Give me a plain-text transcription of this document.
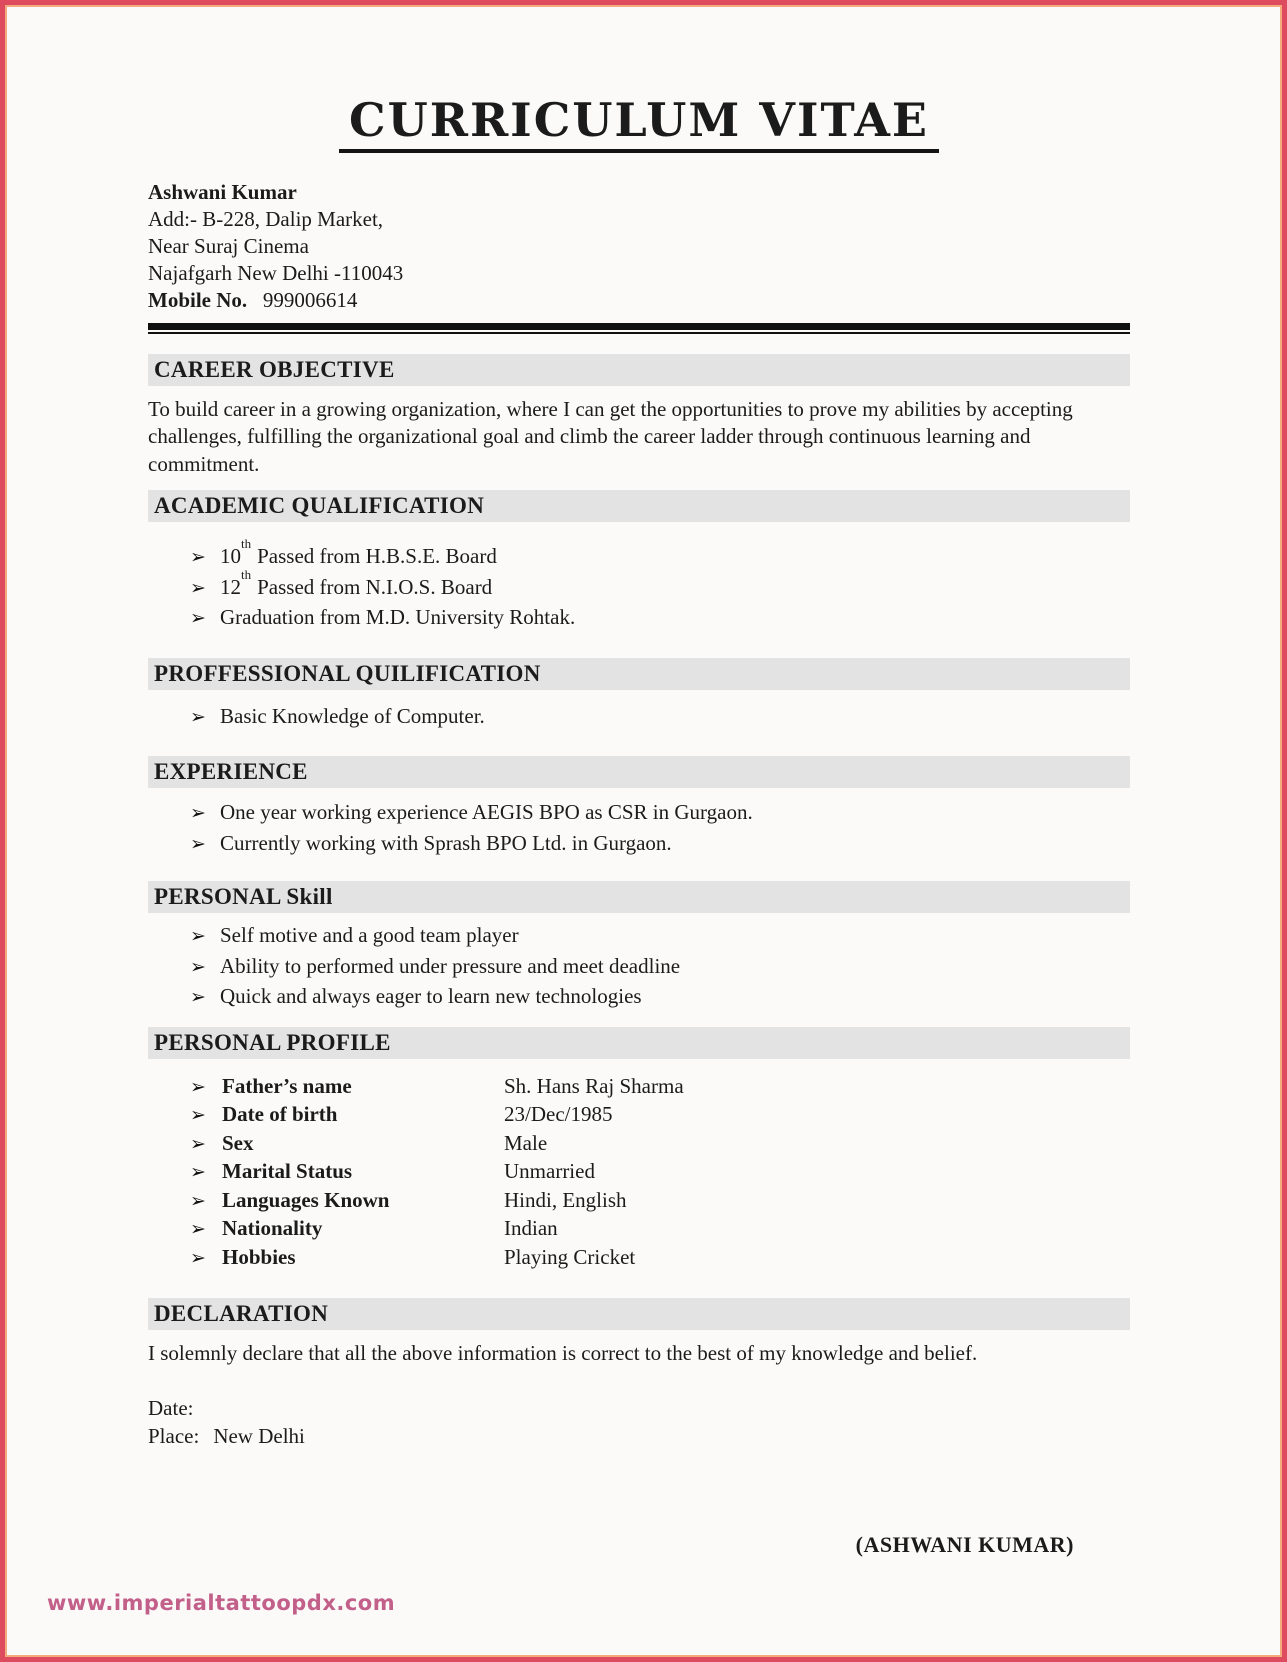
CURRICULUM VITAE
Ashwani Kumar
Add:- B-228, Dalip Market,
Near Suraj Cinema
Najafgarh New Delhi -110043
Mobile No. 999006614
CAREER OBJECTIVE

To build career in a growing organization, where I can get the opportunities to prove my abilities by accepting challenges, fulfilling the organizational goal and climb the career ladder through continuous learning and commitment.

ACADEMIC QUALIFICATION
➢ 10thPassed from H.B.S.E. Board
➢ 12thPassed from N.I.O.S. Board
➢ Graduation from M.D. University Rohtak.
PROFFESSIONAL QUILIFICATION
➢ Basic Knowledge of Computer.
EXPERIENCE
➢ One year working experience AEGIS BPO as CSR in Gurgaon.
➢ Currently working with Sprash BPO Ltd. in Gurgaon.
PERSONAL Skill
➢ Self motive and a good team player
➢ Ability to performed under pressure and meet deadline
➢ Quick and always eager to learn new technologies
PERSONAL PROFILE
➢ Father’s name	Sh. Hans Raj Sharma
➢ Date of birth	23/Dec/1985
➢ Sex	Male
➢ Marital Status	Unmarried
➢ Languages Known	Hindi, English
➢ Nationality	Indian
➢ Hobbies	Playing Cricket
DECLARATION

I solemnly declare that all the above information is correct to the best of my knowledge and belief.

Date:
Place: New Delhi
(ASHWANI KUMAR)
www.imperialtattoopdx.com
